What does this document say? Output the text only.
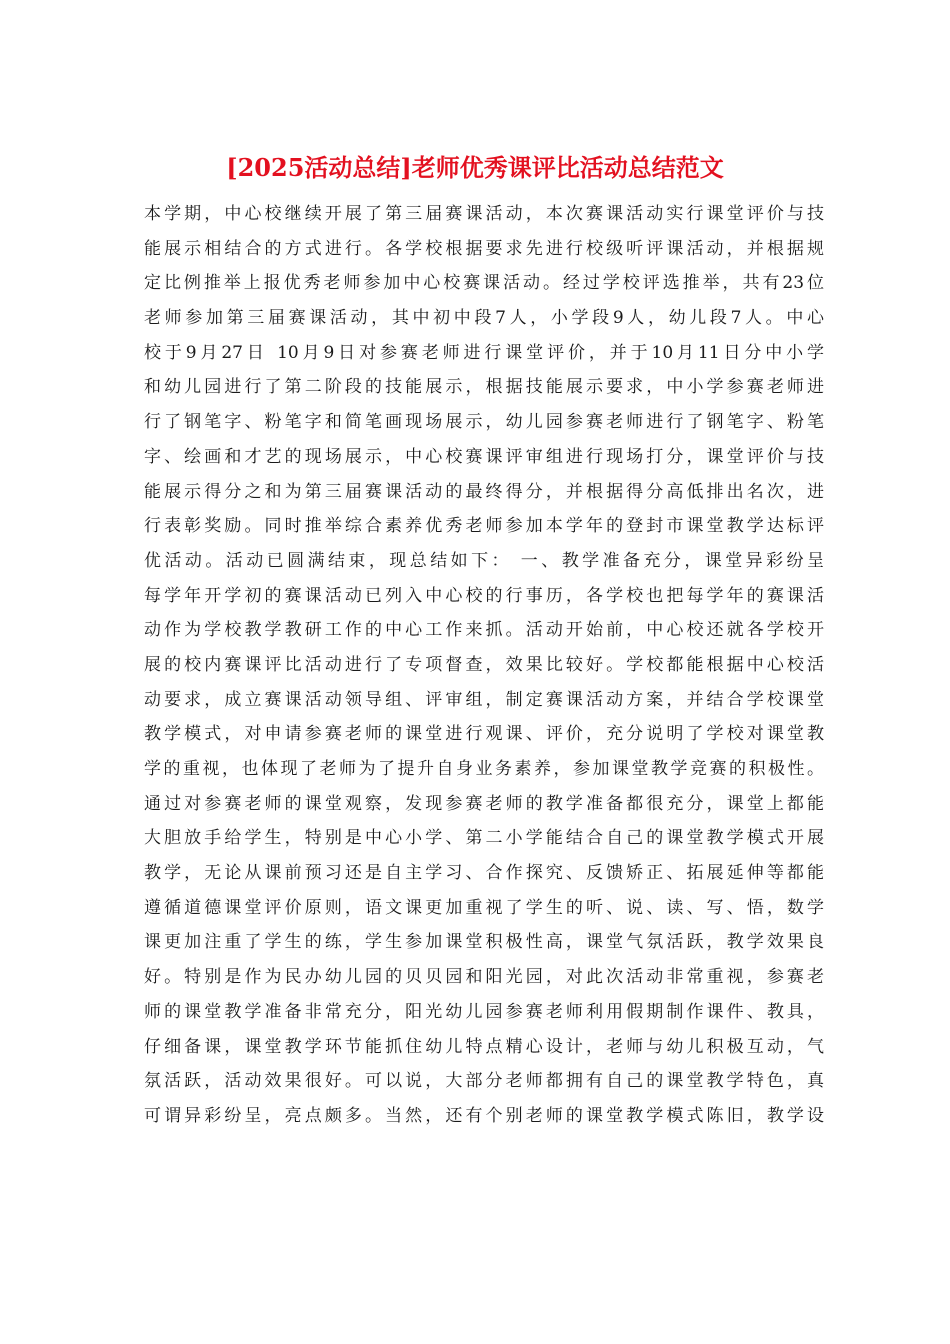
[2025活动总结]老师优秀课评比活动总结范文
本学期，中心校继续开展了第三届赛课活动，本次赛课活动实行课堂评价与技
能展示相结合的方式进行。各学校根据要求先进行校级听评课活动，并根据规
定比例推举上报优秀老师参加中心校赛课活动。经过学校评选推举，共有23位
老师参加第三届赛课活动，其中初中段7人，小学段9人，幼儿段7人。中心
校于9月27日 10月9日对参赛老师进行课堂评价，并于10月11日分中小学
和幼儿园进行了第二阶段的技能展示，根据技能展示要求，中小学参赛老师进
行了钢笔字、粉笔字和简笔画现场展示，幼儿园参赛老师进行了钢笔字、粉笔
字、绘画和才艺的现场展示，中心校赛课评审组进行现场打分，课堂评价与技
能展示得分之和为第三届赛课活动的最终得分，并根据得分高低排出名次，进
行表彰奖励。同时推举综合素养优秀老师参加本学年的登封市课堂教学达标评
优活动。活动已圆满结束，现总结如下： 一、教学准备充分，课堂异彩纷呈
每学年开学初的赛课活动已列入中心校的行事历，各学校也把每学年的赛课活
动作为学校教学教研工作的中心工作来抓。活动开始前，中心校还就各学校开
展的校内赛课评比活动进行了专项督查，效果比较好。学校都能根据中心校活
动要求，成立赛课活动领导组、评审组，制定赛课活动方案，并结合学校课堂
教学模式，对申请参赛老师的课堂进行观课、评价，充分说明了学校对课堂教
学的重视，也体现了老师为了提升自身业务素养，参加课堂教学竞赛的积极性。
通过对参赛老师的课堂观察，发现参赛老师的教学准备都很充分，课堂上都能
大胆放手给学生，特别是中心小学、第二小学能结合自己的课堂教学模式开展
教学，无论从课前预习还是自主学习、合作探究、反馈矫正、拓展延伸等都能
遵循道德课堂评价原则，语文课更加重视了学生的听、说、读、写、悟，数学
课更加注重了学生的练，学生参加课堂积极性高，课堂气氛活跃，教学效果良
好。特别是作为民办幼儿园的贝贝园和阳光园，对此次活动非常重视，参赛老
师的课堂教学准备非常充分，阳光幼儿园参赛老师利用假期制作课件、教具，
仔细备课，课堂教学环节能抓住幼儿特点精心设计，老师与幼儿积极互动，气
氛活跃，活动效果很好。可以说，大部分老师都拥有自己的课堂教学特色，真
可谓异彩纷呈，亮点颇多。当然，还有个别老师的课堂教学模式陈旧，教学设
